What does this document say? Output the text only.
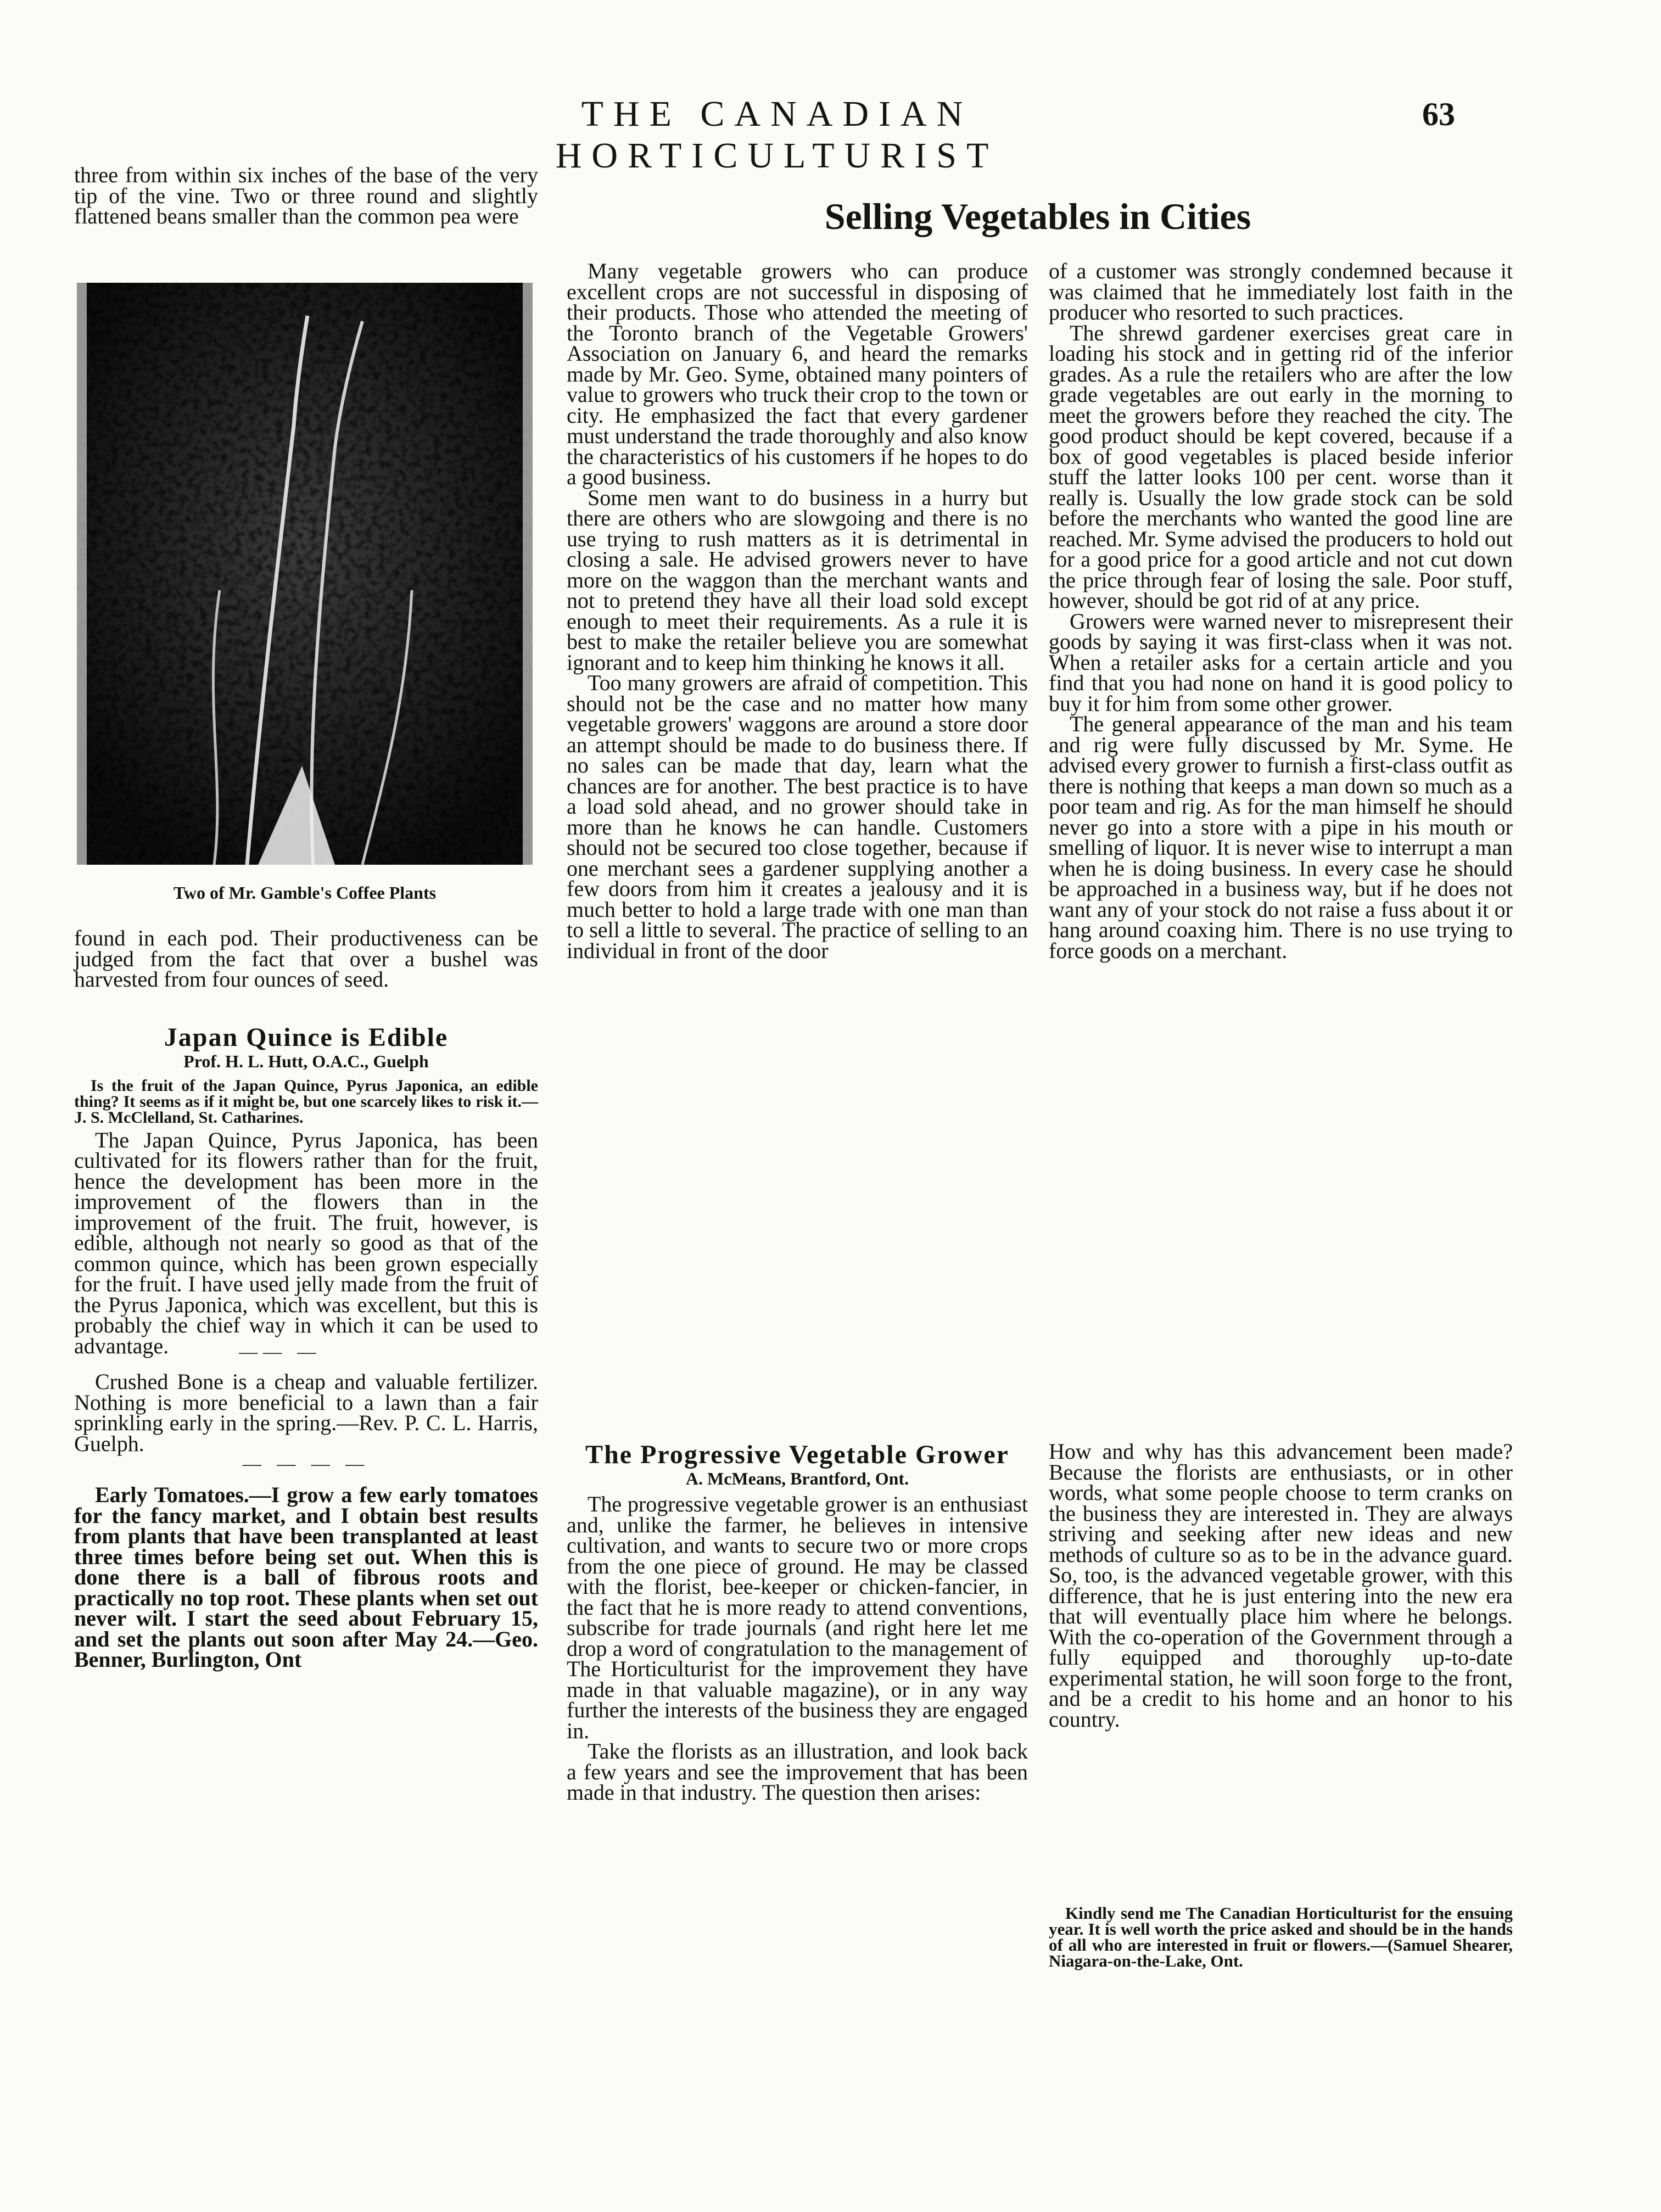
THE CANADIAN HORTICULTURIST
63

three from within six inches of the base of the very tip of the vine. Two or three round and slightly flattened beans smaller than the common pea were

Two of Mr. Gamble's Coffee Plants

found in each pod. Their productiveness can be judged from the fact that over a bushel was harvested from four ounces of seed.

Japan Quince is Edible
Prof. H. L. Hutt, O.A.C., Guelph
Is the fruit of the Japan Quince, Pyrus Japonica, an edible thing? It seems as if it might be, but one scarcely likes to risk it.—J. S. McClelland, St. Catharines.

The Japan Quince, Pyrus Japonica, has been cultivated for its flowers rather than for the fruit, hence the development has been more in the improvement of the flowers than in the improvement of the fruit. The fruit, however, is edible, although not nearly so good as that of the common quince, which has been grown especially for the fruit. I have used jelly made from the fruit of the Pyrus Japonica, which was excellent, but this is probably the chief way in which it can be used to advantage.	—— —

Crushed Bone is a cheap and valuable fertilizer. Nothing is more beneficial to a lawn than a fair sprinkling early in the spring.—Rev. P. C. L. Harris, Guelph.

— — — —

Early Tomatoes.—I grow a few early tomatoes for the fancy market, and I obtain best results from plants that have been transplanted at least three times before being set out. When this is done there is a ball of fibrous roots and practically no top root. These plants when set out never wilt. I start the seed about February 15, and set the plants out soon after May 24.—Geo. Benner, Burlington, Ont

Selling Vegetables in Cities

Many vegetable growers who can produce excellent crops are not successful in disposing of their products. Those who attended the meeting of the Toronto branch of the Vegetable Growers' Association on January 6, and heard the remarks made by Mr. Geo. Syme, obtained many pointers of value to growers who truck their crop to the town or city. He emphasized the fact that every gardener must understand the trade thoroughly and also know the characteristics of his customers if he hopes to do a good business.

Some men want to do business in a hurry but there are others who are slowgoing and there is no use trying to rush matters as it is detrimental in closing a sale. He advised growers never to have more on the waggon than the merchant wants and not to pretend they have all their load sold except enough to meet their requirements. As a rule it is best to make the retailer believe you are somewhat ignorant and to keep him thinking he knows it all.

Too many growers are afraid of competition. This should not be the case and no matter how many vegetable growers' waggons are around a store door an attempt should be made to do business there. If no sales can be made that day, learn what the chances are for another. The best practice is to have a load sold ahead, and no grower should take in more than he knows he can handle. Customers should not be secured too close together, because if one merchant sees a gardener supplying another a few doors from him it creates a jealousy and it is much better to hold a large trade with one man than to sell a little to several. The practice of selling to an individual in front of the door

of a customer was strongly condemned because it was claimed that he immediately lost faith in the producer who resorted to such practices.

The shrewd gardener exercises great care in loading his stock and in getting rid of the inferior grades. As a rule the retailers who are after the low grade vegetables are out early in the morning to meet the growers before they reached the city. The good product should be kept covered, because if a box of good vegetables is placed beside inferior stuff the latter looks 100 per cent. worse than it really is. Usually the low grade stock can be sold before the merchants who wanted the good line are reached. Mr. Syme advised the producers to hold out for a good price for a good article and not cut down the price through fear of losing the sale. Poor stuff, however, should be got rid of at any price.

Growers were warned never to misrepresent their goods by saying it was first-class when it was not. When a retailer asks for a certain article and you find that you had none on hand it is good policy to buy it for him from some other grower.

The general appearance of the man and his team and rig were fully discussed by Mr. Syme. He advised every grower to furnish a first-class outfit as there is nothing that keeps a man down so much as a poor team and rig. As for the man himself he should never go into a store with a pipe in his mouth or smelling of liquor. It is never wise to interrupt a man when he is doing business. In every case he should be approached in a business way, but if he does not want any of your stock do not raise a fuss about it or hang around coaxing him. There is no use trying to force goods on a merchant.

The Progressive Vegetable Grower
A. McMeans, Brantford, Ont.

The progressive vegetable grower is an enthusiast and, unlike the farmer, he believes in intensive cultivation, and wants to secure two or more crops from the one piece of ground. He may be classed with the florist, bee-keeper or chicken-fancier, in the fact that he is more ready to attend conventions, subscribe for trade journals (and right here let me drop a word of congratulation to the management of The Horticulturist for the improvement they have made in that valuable magazine), or in any way further the interests of the business they are engaged in.

Take the florists as an illustration, and look back a few years and see the improvement that has been made in that industry. The question then arises:

How and why has this advancement been made? Because the florists are enthusiasts, or in other words, what some people choose to term cranks on the business they are interested in. They are always striving and seeking after new ideas and new methods of culture so as to be in the advance guard. So, too, is the advanced vegetable grower, with this difference, that he is just entering into the new era that will eventually place him where he belongs. With the co-operation of the Government through a fully equipped and thoroughly up-to-date experimental station, he will soon forge to the front, and be a credit to his home and an honor to his country.

Kindly send me The Canadian Horticulturist for the ensuing year. It is well worth the price asked and should be in the hands of all who are interested in fruit or flowers.—(Samuel Shearer, Niagara-on-the-Lake, Ont.
